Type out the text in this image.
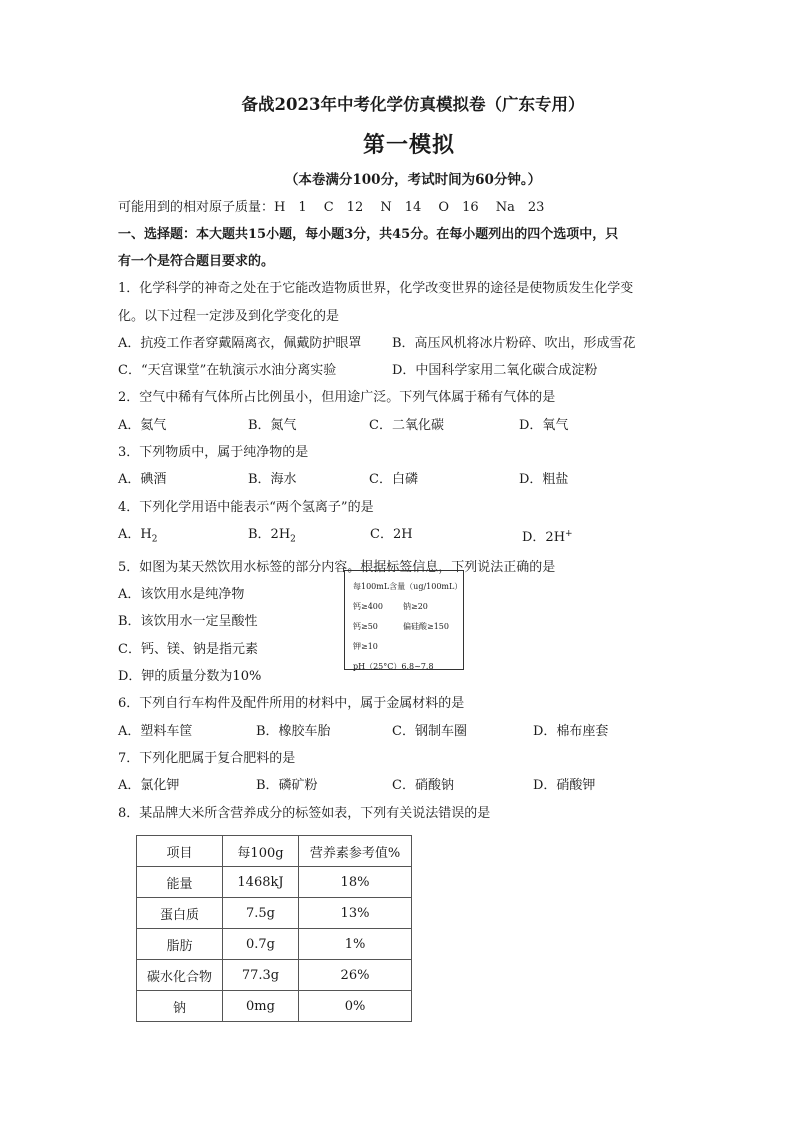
备战2023年中考化学仿真模拟卷（广东专用）
第一模拟
（本卷满分100分，考试时间为60分钟。）
可能用到的相对原子质量：H　1　 C　12　 N　14　 O　16　 Na　23
一、选择题：本大题共15小题，每小题3分，共45分。在每小题列出的四个选项中，只
有一个是符合题目要求的。
1．化学科学的神奇之处在于它能改造物质世界，化学改变世界的途径是使物质发生化学变
化。以下过程一定涉及到化学变化的是
A．抗疫工作者穿戴隔离衣，佩戴防护眼罩	B．高压风机将冰片粉碎、吹出，形成雪花
C．“天宫课堂”在轨演示水油分离实验	D．中国科学家用二氧化碳合成淀粉
2．空气中稀有气体所占比例虽小，但用途广泛。下列气体属于稀有气体的是
A．氦气	B．氮气	C．二氧化碳	D．氧气
3．下列物质中，属于纯净物的是
A．碘酒	B．海水	C．白磷	D．粗盐
4．下列化学用语中能表示“两个氢离子”的是
A．$H_2$	B．$2H_2$	C．2H	D．2H+
5．如图为某天然饮用水标签的部分内容。根据标签信息，下列说法正确的是
A．该饮用水是纯净物
B．该饮用水一定呈酸性
C．钙、镁、钠是指元素
D．钾的质量分数为10%
每100mL含量（ug/100mL）
钙≥400	钠≥20
钙≥50	偏硅酸≥150
钾≥10
pH（25°C）6.8~7.8
6．下列自行车构件及配件所用的材料中，属于金属材料的是
A．塑料车筐	B．橡胶车胎	C．钢制车圈	D．棉布座套
7．下列化肥属于复合肥料的是
A．氯化钾	B．磷矿粉	C．硝酸钠	D．硝酸钾
8．某品牌大米所含营养成分的标签如表，下列有关说法错误的是
项目	每100g	营养素参考值%
能量	1468kJ	18%
蛋白质	7.5g	13%
脂肪	0.7g	1%
碳水化合物	77.3g	26%
钠	0mg	0%
